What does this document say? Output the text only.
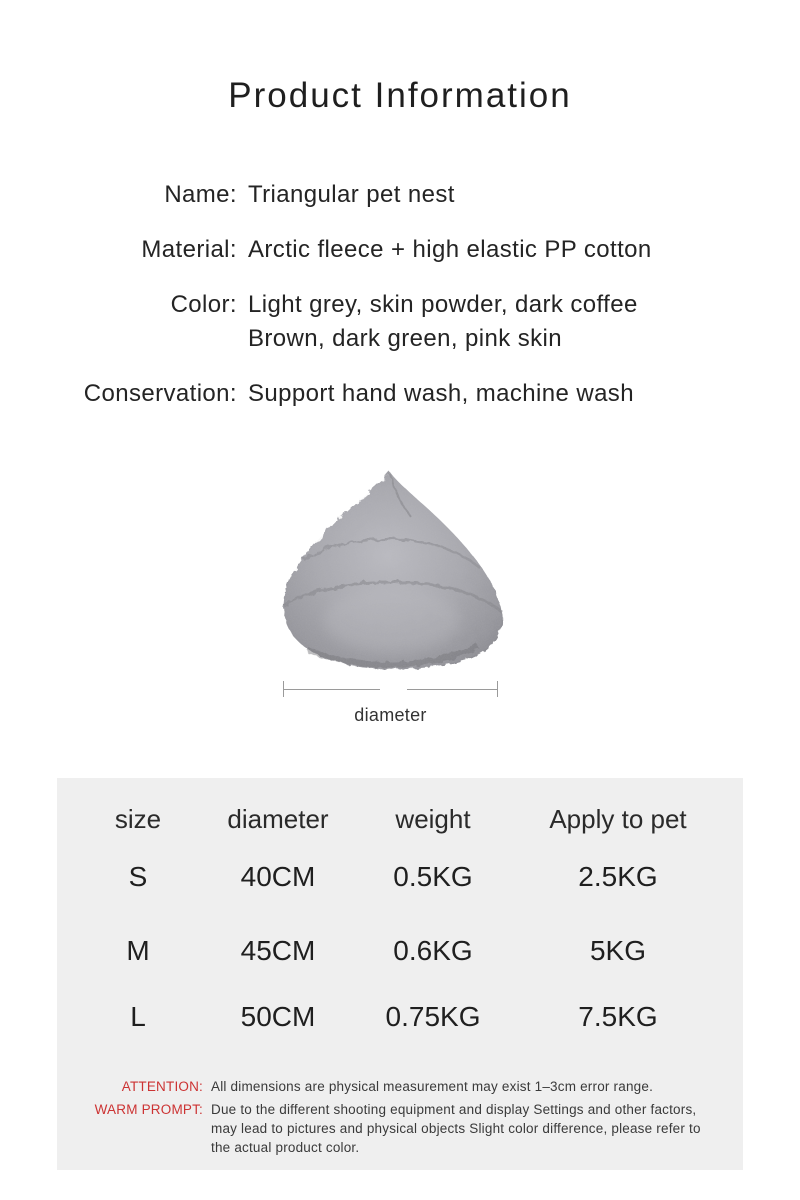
Product Information
Name: Triangular pet nest
Material: Arctic fleece + high elastic PP cotton
Color: Light grey, skin powder, dark coffee
Brown, dark green, pink skin
Conservation: Support hand wash, machine wash
diameter
size	diameter	weight	Apply to pet
S	40CM	0.5KG	2.5KG
M	45CM	0.6KG	5KG
L	50CM	0.75KG	7.5KG
ATTENTION: All dimensions are physical measurement may exist 1–3cm error range.
WARM PROMPT: Due to the different shooting equipment and display Settings and other factors, may lead to pictures and physical objects Slight color difference, please refer to the actual product color.
